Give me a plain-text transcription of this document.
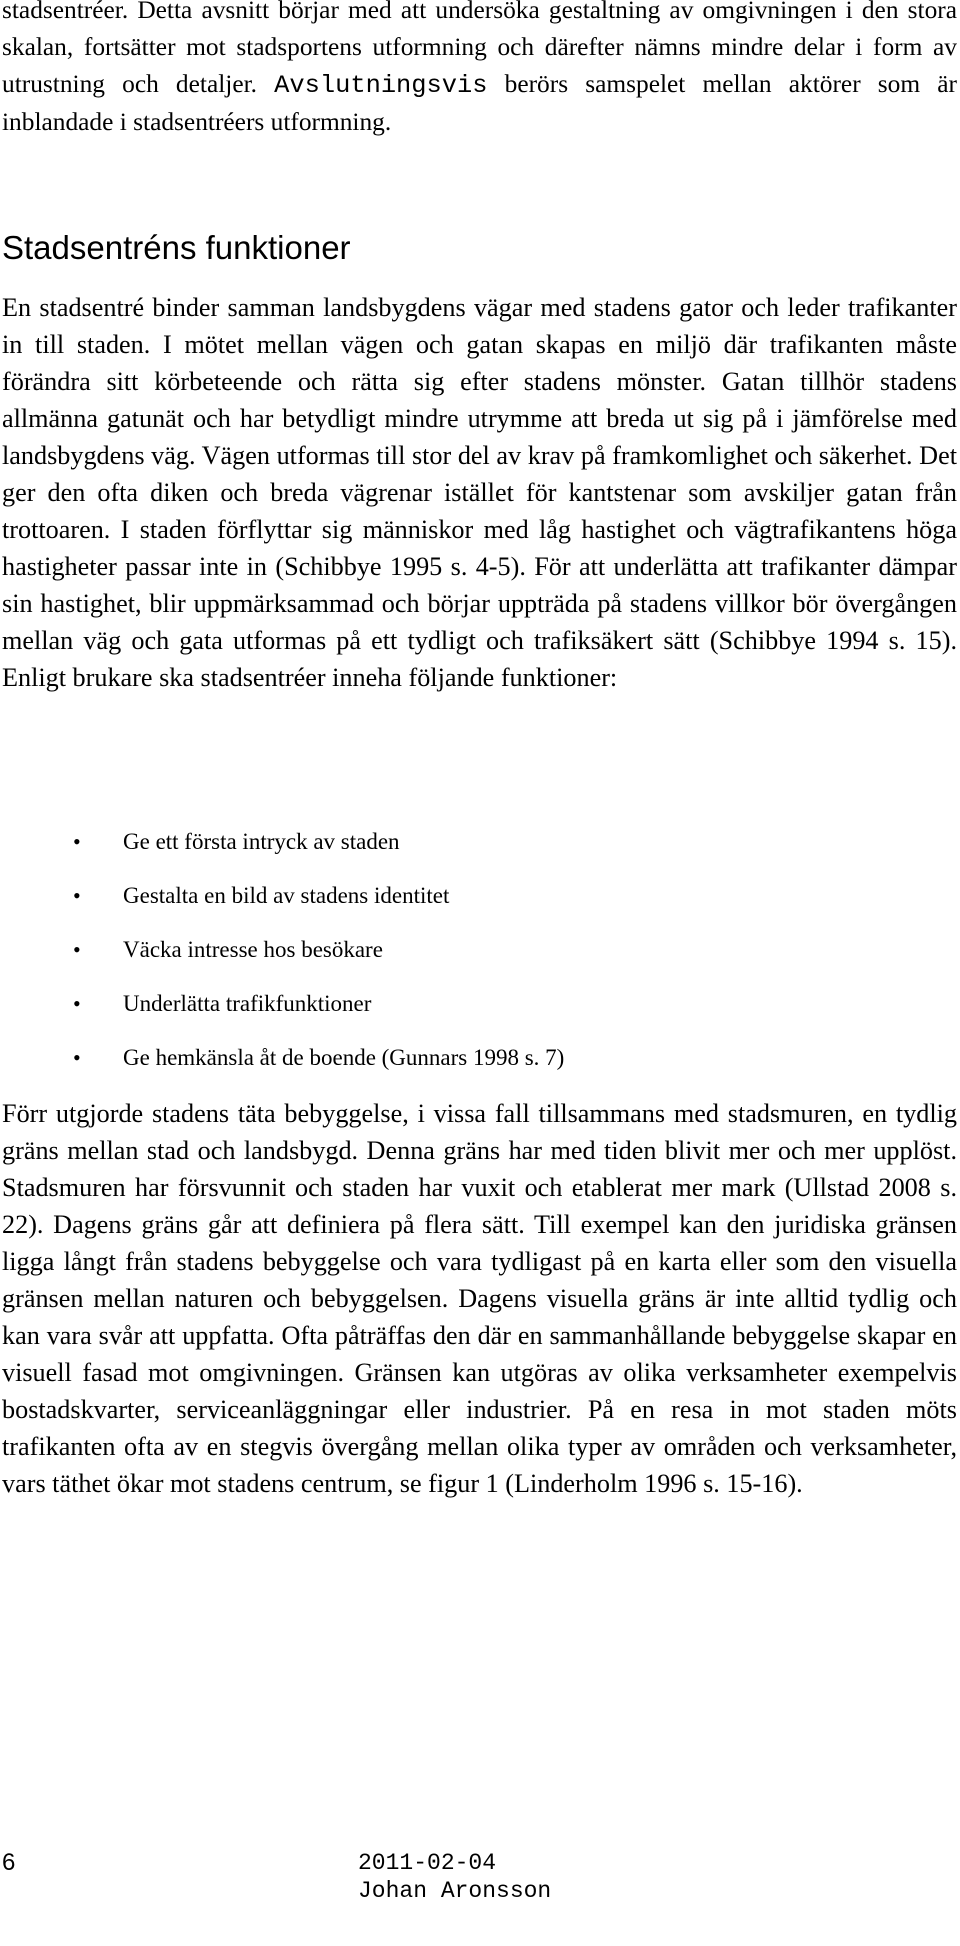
stadsentréer. Detta avsnitt börjar med att undersöka gestaltning av omgivningen i den stora skalan, fortsätter mot stadsportens utformning och därefter nämns mindre delar i form av utrustning och detaljer. Avslutningsvis berörs samspelet mellan aktörer som är inblandade i stadsentréers utformning.

Stadsentréns funktioner

En stadsentré binder samman landsbygdens vägar med stadens gator och leder trafikanter in till staden. I mötet mellan vägen och gatan skapas en miljö där trafikanten måste förändra sitt körbeteende och rätta sig efter stadens mönster. Gatan tillhör stadens allmänna gatunät och har betydligt mindre utrymme att breda ut sig på i jämförelse med landsbygdens väg. Vägen utformas till stor del av krav på framkomlighet och säkerhet. Det ger den ofta diken och breda vägrenar istället för kantstenar som avskiljer gatan från trottoaren. I staden förflyttar sig människor med låg hastighet och vägtrafikantens höga hastigheter passar inte in (Schibbye 1995 s. 4-5). För att underlätta att trafikanter dämpar sin hastighet, blir uppmärksammad och börjar uppträda på stadens villkor bör övergången mellan väg och gata utformas på ett tydligt och trafiksäkert sätt (Schibbye 1994 s. 15). Enligt brukare ska stadsentréer inneha följande funktioner:

• Ge ett första intryck av staden
• Gestalta en bild av stadens identitet
• Väcka intresse hos besökare
• Underlätta trafikfunktioner
• Ge hemkänsla åt de boende (Gunnars 1998 s. 7)

Förr utgjorde stadens täta bebyggelse, i vissa fall tillsammans med stadsmuren, en tydlig gräns mellan stad och landsbygd. Denna gräns har med tiden blivit mer och mer upplöst. Stadsmuren har försvunnit och staden har vuxit och etablerat mer mark (Ullstad 2008 s. 22). Dagens gräns går att definiera på flera sätt. Till exempel kan den juridiska gränsen ligga långt från stadens bebyggelse och vara tydligast på en karta eller som den visuella gränsen mellan naturen och bebyggelsen. Dagens visuella gräns är inte alltid tydlig och kan vara svår att uppfatta. Ofta påträffas den där en sammanhållande bebyggelse skapar en visuell fasad mot omgivningen. Gränsen kan utgöras av olika verksamheter exempelvis bostadskvarter, serviceanläggningar eller industrier. På en resa in mot staden möts trafikanten ofta av en stegvis övergång mellan olika typer av områden och verksamheter, vars täthet ökar mot stadens centrum, se figur 1 (Linderholm 1996 s. 15-16).

6	2011-02-04

Johan Aronsson
